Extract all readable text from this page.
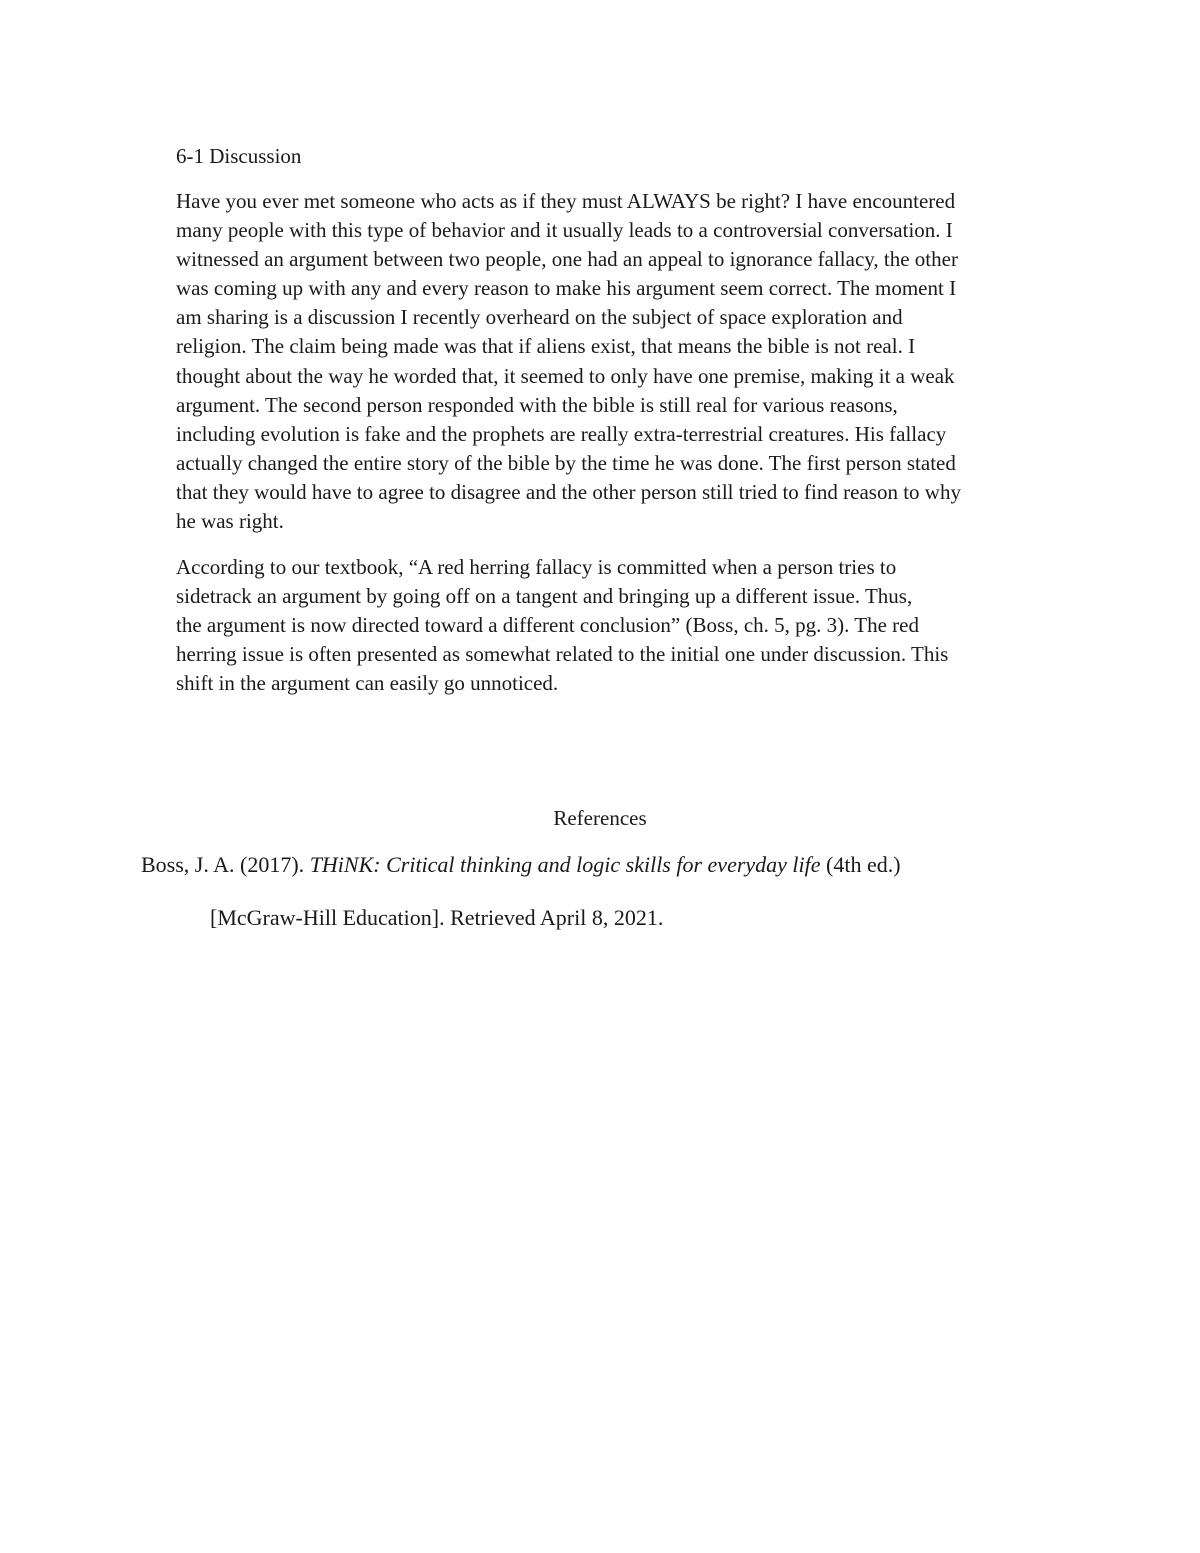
6-1 Discussion

Have you ever met someone who acts as if they must ALWAYS be right? I have encountered
many people with this type of behavior and it usually leads to a controversial conversation. I
witnessed an argument between two people, one had an appeal to ignorance fallacy, the other
was coming up with any and every reason to make his argument seem correct. The moment I
am sharing is a discussion I recently overheard on the subject of space exploration and
religion. The claim being made was that if aliens exist, that means the bible is not real. I
thought about the way he worded that, it seemed to only have one premise, making it a weak
argument. The second person responded with the bible is still real for various reasons,
including evolution is fake and the prophets are really extra-terrestrial creatures. His fallacy
actually changed the entire story of the bible by the time he was done. The first person stated
that they would have to agree to disagree and the other person still tried to find reason to why
he was right.

According to our textbook, “A red herring fallacy is committed when a person tries to
sidetrack an argument by going off on a tangent and bringing up a different issue. Thus,
the argument is now directed toward a different conclusion” (Boss, ch. 5, pg. 3). The red
herring issue is often presented as somewhat related to the initial one under discussion. This
shift in the argument can easily go unnoticed.

References

Boss, J. A. (2017). THiNK: Critical thinking and logic skills for everyday life (4th ed.)

[McGraw-Hill Education]. Retrieved April 8, 2021.
